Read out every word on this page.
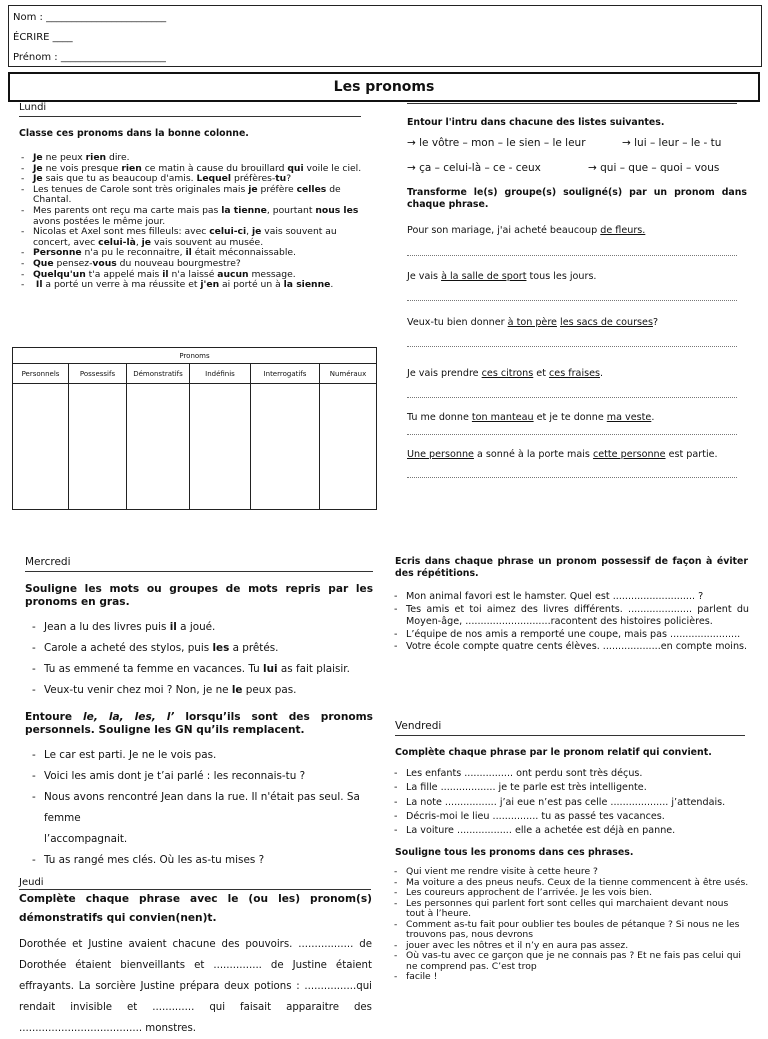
Nom : ________________________
ÉCRIRE ____
Prénom : _____________________
Les pronoms
Lundi
Classe ces pronoms dans la bonne colonne.
- Je ne peux rien dire.
- Je ne vois presque rien ce matin à cause du brouillard qui voile le ciel.
- Je sais que tu as beaucoup d'amis. Lequel préfères-tu?
- Les tenues de Carole sont très originales mais je préfère celles de Chantal.
- Mes parents ont reçu ma carte mais pas la tienne, pourtant nous les avons postées le même jour.
- Nicolas et Axel sont mes filleuls: avec celui-ci, je vais souvent au concert, avec celui-là, je vais souvent au musée.
- Personne n'a pu le reconnaitre, il était méconnaissable.
- Que pensez-vous du nouveau bourgmestre?
- Quelqu'un t'a appelé mais il n'a laissé aucun message.
- Il a porté un verre à ma réussite et j'en ai porté un à la sienne.
Pronoms					
Personnels	Possessifs	Démonstratifs	Indéfinis	Interrogatifs	Numéraux

Entour l'intru dans chacune des listes suivantes.
→ le vôtre – mon – le sien – le leur	→ lui – leur – le - tu
→ ça – celui-là – ce - ceux	→ qui – que – quoi – vous
Transforme le(s) groupe(s) souligné(s) par un pronom dans chaque phrase.
Pour son mariage, j'ai acheté beaucoup de fleurs.
Je vais à la salle de sport tous les jours.
Veux-tu bien donner à ton père les sacs de courses?
Je vais prendre ces citrons et ces fraises.
Tu me donne ton manteau et je te donne ma veste.
Une personne a sonné à la porte mais cette personne est partie.
Mercredi
Souligne les mots ou groupes de mots repris par les pronoms en gras.
- Jean a lu des livres puis il a joué.
- Carole a acheté des stylos, puis les a prêtés.
- Tu as emmené ta femme en vacances. Tu lui as fait plaisir.
- Veux-tu venir chez moi ? Non, je ne le peux pas.
Entoure le, la, les, l’ lorsqu’ils sont des pronoms personnels. Souligne les GN qu’ils remplacent.
- Le car est parti. Je ne le vois pas.
- Voici les amis dont je t’ai parlé : les reconnais-tu ?
- Nous avons rencontré Jean dans la rue. Il n'était pas seul. Sa femme
l’accompagnait.
- Tu as rangé mes clés. Où les as-tu mises ?
Jeudi
Complète chaque phrase avec le (ou les) pronom(s) démonstratifs qui convien(nen)t.
Dorothée et Justine avaient chacune des pouvoirs. ................. de Dorothée étaient bienveillants et ............... de Justine étaient effrayants. La sorcière Justine prépara deux potions : ................qui rendait invisible et ............. qui faisait apparaitre des ...................................... monstres.
Ecris dans chaque phrase un pronom possessif de façon à éviter des répétitions.
- Mon animal favori est le hamster. Quel est ........................... ?
- Tes amis et toi aimez des livres différents. ..................... parlent du Moyen-âge, ............................racontent des histoires policières.
- L’équipe de nos amis a remporté une coupe, mais pas .......................
- Votre école compte quatre cents élèves. ...................en compte moins.
Vendredi
Complète chaque phrase par le pronom relatif qui convient.
- Les enfants ................ ont perdu sont très déçus.
- La fille .................. je te parle est très intelligente.
- La note ................. j’ai eue n’est pas celle ................... j’attendais.
- Décris-moi le lieu ............... tu as passé tes vacances.
- La voiture .................. elle a achetée est déjà en panne.
Souligne tous les pronoms dans ces phrases.
- Qui vient me rendre visite à cette heure ?
- Ma voiture a des pneus neufs. Ceux de la tienne commencent à être usés.
- Les coureurs approchent de l’arrivée. Je les vois bien.
- Les personnes qui parlent fort sont celles qui marchaient devant nous tout à l’heure.
- Comment as-tu fait pour oublier tes boules de pétanque ? Si nous ne les trouvons pas, nous devrons
- jouer avec les nôtres et il n’y en aura pas assez.
- Où vas-tu avec ce garçon que je ne connais pas ? Et ne fais pas celui qui ne comprend pas. C’est trop
- facile !
